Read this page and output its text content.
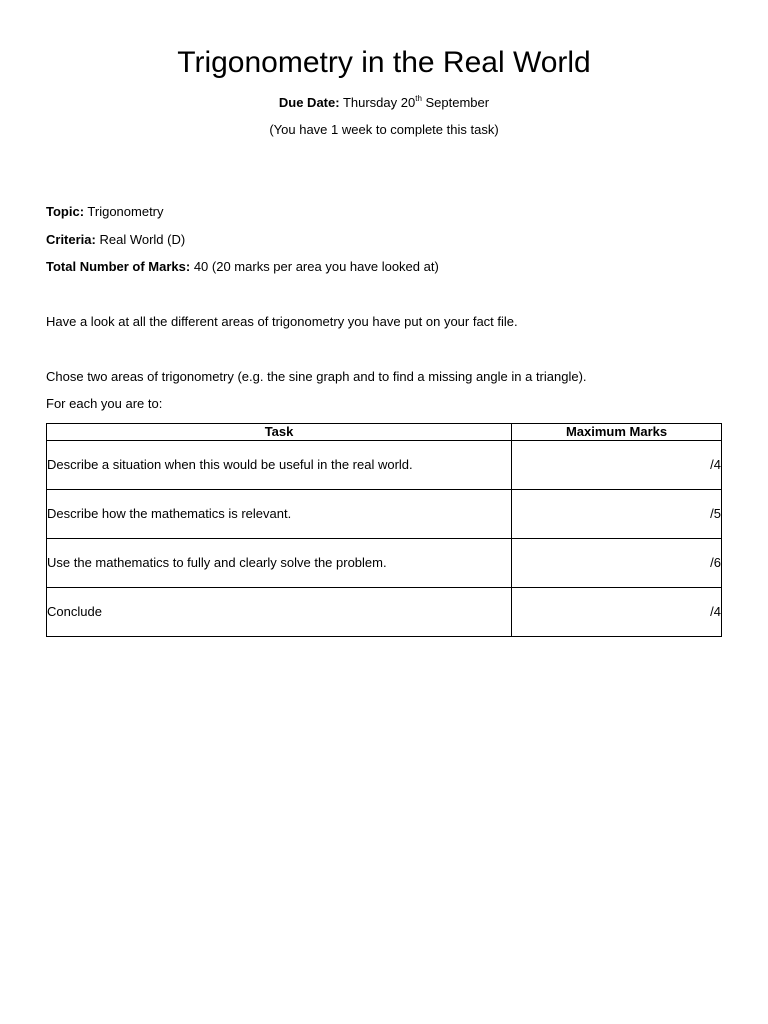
Trigonometry in the Real World
Due Date: Thursday 20th September
(You have 1 week to complete this task)
Topic: Trigonometry
Criteria: Real World (D)
Total Number of Marks: 40 (20 marks per area you have looked at)
Have a look at all the different areas of trigonometry you have put on your fact file.
Chose two areas of trigonometry (e.g. the sine graph and to find a missing angle in a triangle).
For each you are to:
Task	Maximum Marks
Describe a situation when this would be useful in the real world.	/4
Describe how the mathematics is relevant.	/5
Use the mathematics to fully and clearly solve the problem.	/6
Conclude	/4
